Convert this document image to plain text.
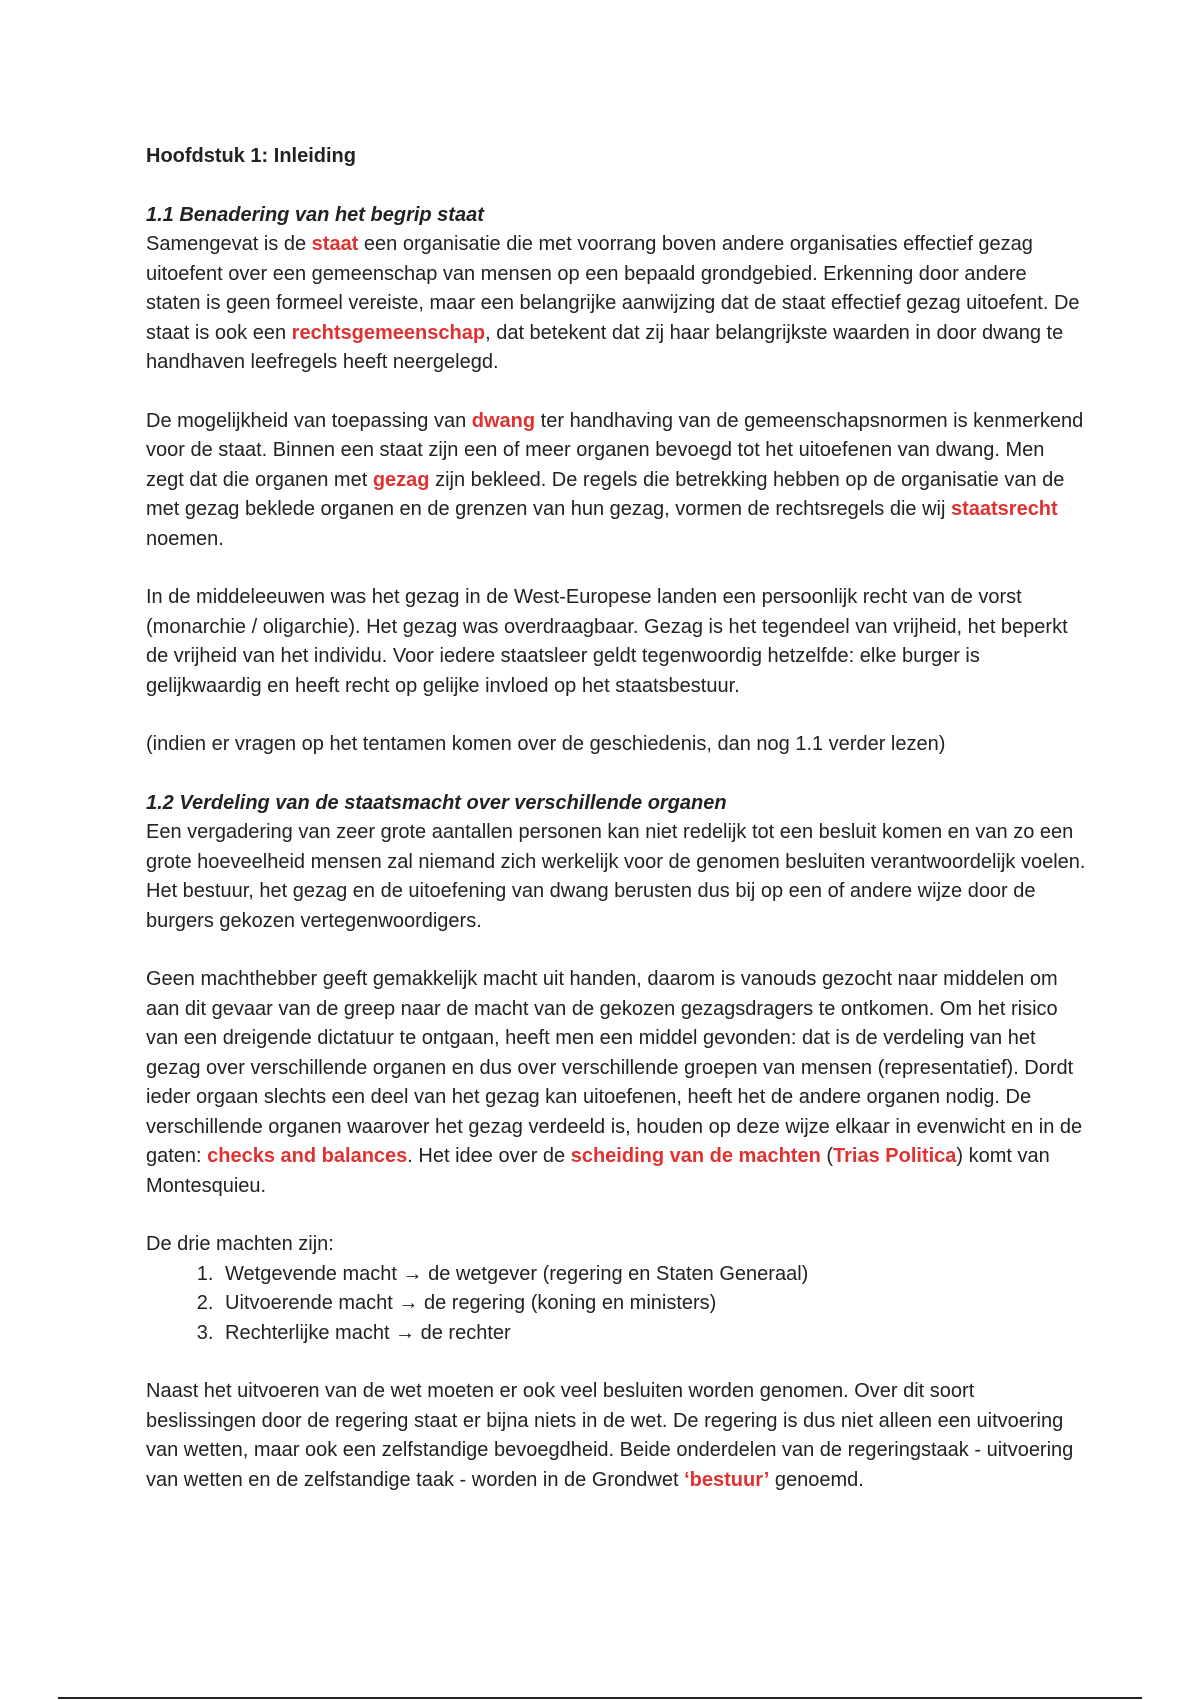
Hoofdstuk 1: Inleiding
1.1 Benadering van het begrip staat

Samengevat is de staat een organisatie die met voorrang boven andere organisaties effectief gezag uitoefent over een gemeenschap van mensen op een bepaald grondgebied. Erkenning door andere staten is geen formeel vereiste, maar een belangrijke aanwijzing dat de staat effectief gezag uitoefent. De staat is ook een rechtsgemeenschap, dat betekent dat zij haar belangrijkste waarden in door dwang te handhaven leefregels heeft neergelegd.

De mogelijkheid van toepassing van dwang ter handhaving van de gemeenschapsnormen is kenmerkend voor de staat. Binnen een staat zijn een of meer organen bevoegd tot het uitoefenen van dwang. Men zegt dat die organen met gezag zijn bekleed. De regels die betrekking hebben op de organisatie van de met gezag beklede organen en de grenzen van hun gezag, vormen de rechtsregels die wij staatsrecht noemen.

In de middeleeuwen was het gezag in de West-Europese landen een persoonlijk recht van de vorst (monarchie / oligarchie). Het gezag was overdraagbaar. Gezag is het tegendeel van vrijheid, het beperkt de vrijheid van het individu. Voor iedere staatsleer geldt tegenwoordig hetzelfde: elke burger is gelijkwaardig en heeft recht op gelijke invloed op het staatsbestuur.

(indien er vragen op het tentamen komen over de geschiedenis, dan nog 1.1 verder lezen)

1.2 Verdeling van de staatsmacht over verschillende organen

Een vergadering van zeer grote aantallen personen kan niet redelijk tot een besluit komen en van zo een grote hoeveelheid mensen zal niemand zich werkelijk voor de genomen besluiten verantwoordelijk voelen. Het bestuur, het gezag en de uitoefening van dwang berusten dus bij op een of andere wijze door de burgers gekozen vertegenwoordigers.

Geen machthebber geeft gemakkelijk macht uit handen, daarom is vanouds gezocht naar middelen om aan dit gevaar van de greep naar de macht van de gekozen gezagsdragers te ontkomen. Om het risico van een dreigende dictatuur te ontgaan, heeft men een middel gevonden: dat is de verdeling van het gezag over verschillende organen en dus over verschillende groepen van mensen (representatief). Dordt ieder orgaan slechts een deel van het gezag kan uitoefenen, heeft het de andere organen nodig. De verschillende organen waarover het gezag verdeeld is, houden op deze wijze elkaar in evenwicht en in de gaten: checks and balances. Het idee over de scheiding van de machten (Trias Politica) komt van Montesquieu.

De drie machten zijn:
1. Wetgevende macht → de wetgever (regering en Staten Generaal)
2. Uitvoerende macht → de regering (koning en ministers)
3. Rechterlijke macht → de rechter

Naast het uitvoeren van de wet moeten er ook veel besluiten worden genomen. Over dit soort beslissingen door de regering staat er bijna niets in de wet. De regering is dus niet alleen een uitvoering van wetten, maar ook een zelfstandige bevoegdheid. Beide onderdelen van de regeringstaak - uitvoering van wetten en de zelfstandige taak - worden in de Grondwet ‘bestuur’ genoemd.
